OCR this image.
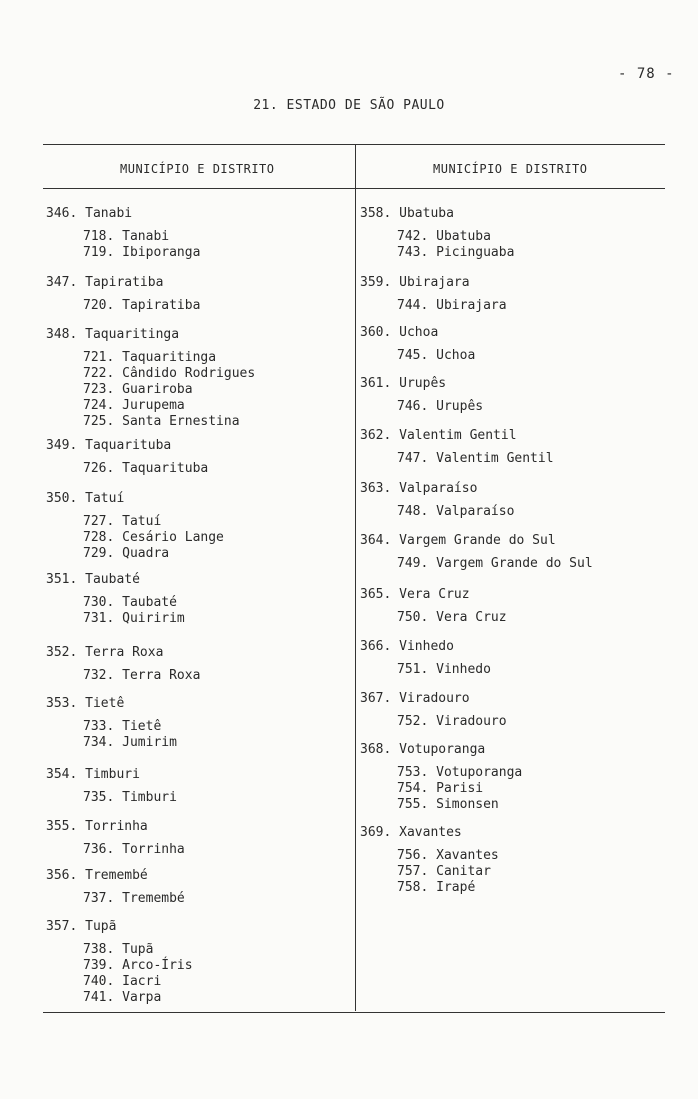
- 78 -
21. ESTADO DE SÃO PAULO
MUNICÍPIO E DISTRITO	MUNICÍPIO E DISTRITO
346. Tanabi
718. Tanabi
719. Ibiporanga
347. Tapiratiba
720. Tapiratiba
348. Taquaritinga
721. Taquaritinga
722. Cândido Rodrigues
723. Guariroba
724. Jurupema
725. Santa Ernestina
349. Taquarituba
726. Taquarituba
350. Tatuí
727. Tatuí
728. Cesário Lange
729. Quadra
351. Taubaté
730. Taubaté
731. Quiririm
352. Terra Roxa
732. Terra Roxa
353. Tietê
733. Tietê
734. Jumirim
354. Timburi
735. Timburi
355. Torrinha
736. Torrinha
356. Tremembé
737. Tremembé
357. Tupã
738. Tupã
739. Arco-Íris
740. Iacri
741. Varpa
358. Ubatuba
742. Ubatuba
743. Picinguaba
359. Ubirajara
744. Ubirajara
360. Uchoa
745. Uchoa
361. Urupês
746. Urupês
362. Valentim Gentil
747. Valentim Gentil
363. Valparaíso
748. Valparaíso
364. Vargem Grande do Sul
749. Vargem Grande do Sul
365. Vera Cruz
750. Vera Cruz
366. Vinhedo
751. Vinhedo
367. Viradouro
752. Viradouro
368. Votuporanga
753. Votuporanga
754. Parisi
755. Simonsen
369. Xavantes
756. Xavantes
757. Canitar
758. Irapé
